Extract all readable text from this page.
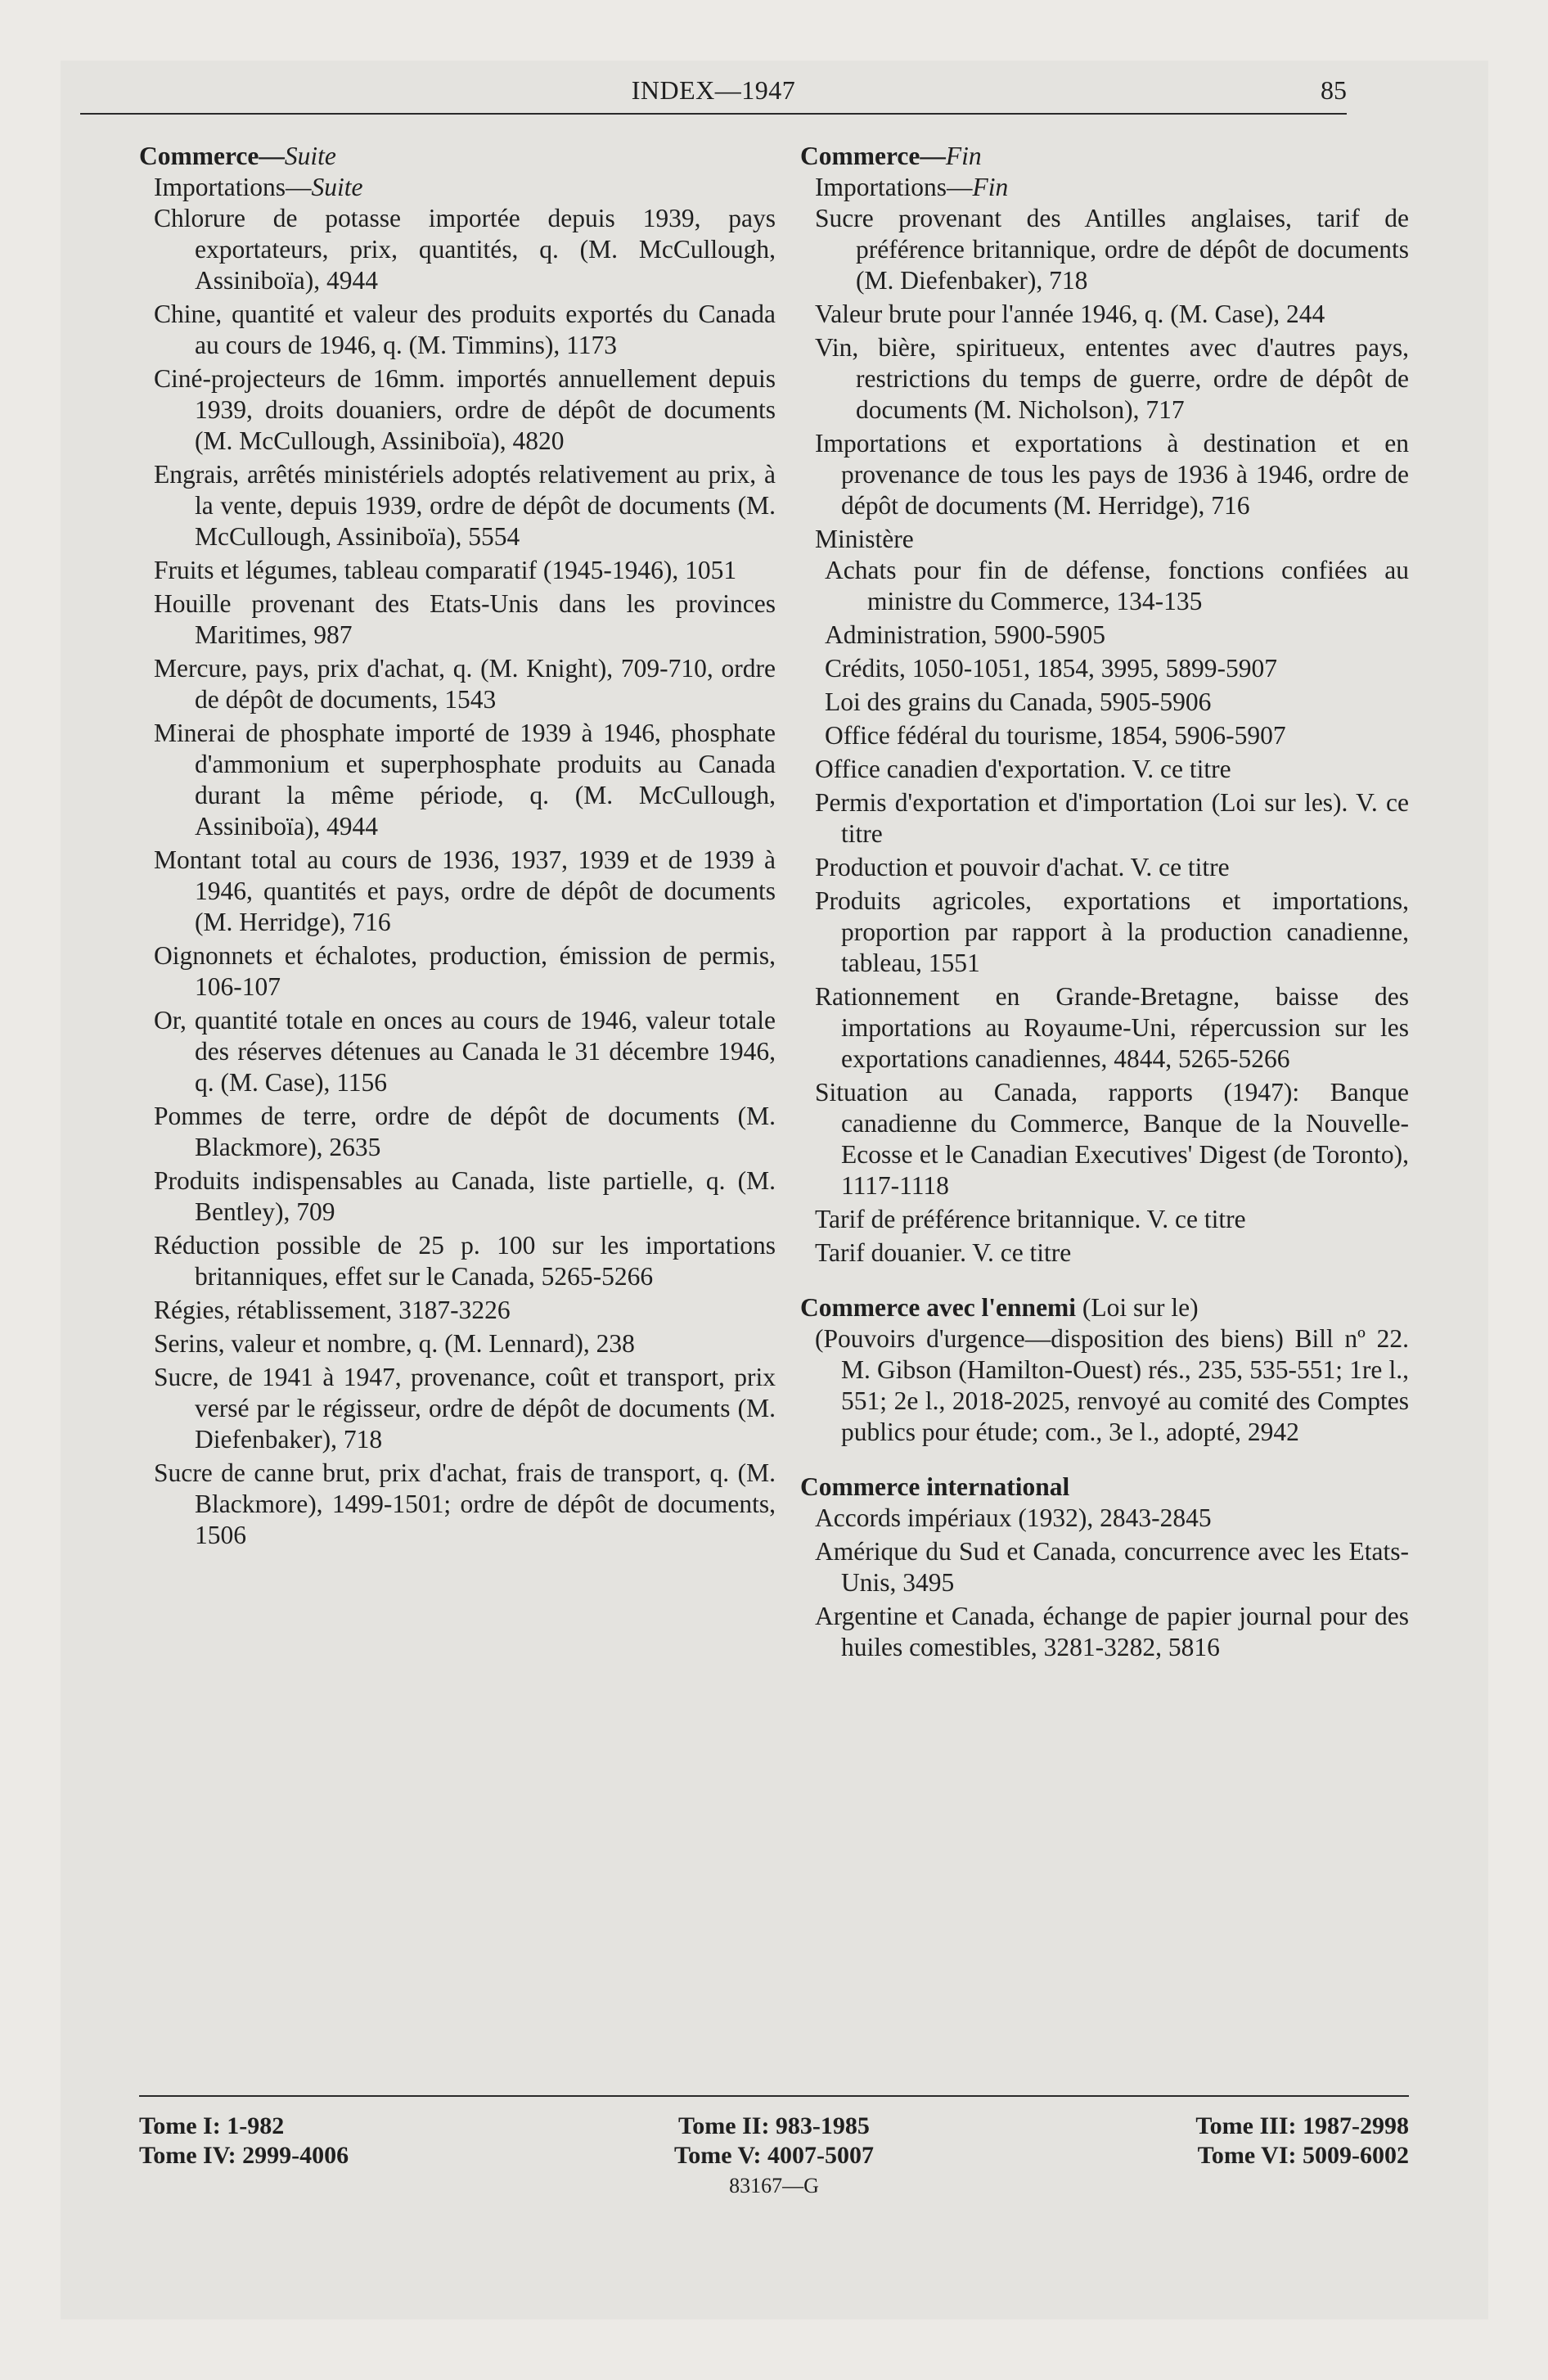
INDEX—1947	85
Commerce—Suite
Importations—Suite
Chlorure de potasse importée depuis 1939, pays exportateurs, prix, quantités, q. (M. McCullough, Assiniboïa), 4944
Chine, quantité et valeur des produits exportés du Canada au cours de 1946, q. (M. Timmins), 1173
Ciné-projecteurs de 16mm. importés annuellement depuis 1939, droits douaniers, ordre de dépôt de documents (M. McCullough, Assiniboïa), 4820
Engrais, arrêtés ministériels adoptés relativement au prix, à la vente, depuis 1939, ordre de dépôt de documents (M. McCullough, Assiniboïa), 5554
Fruits et légumes, tableau comparatif (1945-1946), 1051
Houille provenant des Etats-Unis dans les provinces Maritimes, 987
Mercure, pays, prix d'achat, q. (M. Knight), 709-710, ordre de dépôt de documents, 1543
Minerai de phosphate importé de 1939 à 1946, phosphate d'ammonium et superphosphate produits au Canada durant la même période, q. (M. McCullough, Assiniboïa), 4944
Montant total au cours de 1936, 1937, 1939 et de 1939 à 1946, quantités et pays, ordre de dépôt de documents (M. Herridge), 716
Oignonnets et échalotes, production, émission de permis, 106-107
Or, quantité totale en onces au cours de 1946, valeur totale des réserves détenues au Canada le 31 décembre 1946, q. (M. Case), 1156
Pommes de terre, ordre de dépôt de documents (M. Blackmore), 2635
Produits indispensables au Canada, liste partielle, q. (M. Bentley), 709
Réduction possible de 25 p. 100 sur les importations britanniques, effet sur le Canada, 5265-5266
Régies, rétablissement, 3187-3226
Serins, valeur et nombre, q. (M. Lennard), 238
Sucre, de 1941 à 1947, provenance, coût et transport, prix versé par le régisseur, ordre de dépôt de documents (M. Diefenbaker), 718
Sucre de canne brut, prix d'achat, frais de transport, q. (M. Blackmore), 1499-1501; ordre de dépôt de documents, 1506
Commerce—Fin
Importations—Fin
Sucre provenant des Antilles anglaises, tarif de préférence britannique, ordre de dépôt de documents (M. Diefenbaker), 718
Valeur brute pour l'année 1946, q. (M. Case), 244
Vin, bière, spiritueux, ententes avec d'autres pays, restrictions du temps de guerre, ordre de dépôt de documents (M. Nicholson), 717
Importations et exportations à destination et en provenance de tous les pays de 1936 à 1946, ordre de dépôt de documents (M. Herridge), 716
Ministère
Achats pour fin de défense, fonctions confiées au ministre du Commerce, 134-135
Administration, 5900-5905
Crédits, 1050-1051, 1854, 3995, 5899-5907
Loi des grains du Canada, 5905-5906
Office fédéral du tourisme, 1854, 5906-5907
Office canadien d'exportation. V. ce titre
Permis d'exportation et d'importation (Loi sur les). V. ce titre
Production et pouvoir d'achat. V. ce titre
Produits agricoles, exportations et importations, proportion par rapport à la production canadienne, tableau, 1551
Rationnement en Grande-Bretagne, baisse des importations au Royaume-Uni, répercussion sur les exportations canadiennes, 4844, 5265-5266
Situation au Canada, rapports (1947): Banque canadienne du Commerce, Banque de la Nouvelle-Ecosse et le Canadian Executives' Digest (de Toronto), 1117-1118
Tarif de préférence britannique. V. ce titre
Tarif douanier. V. ce titre
Commerce avec l'ennemi (Loi sur le)
(Pouvoirs d'urgence—disposition des biens) Bill nº 22. M. Gibson (Hamilton-Ouest) rés., 235, 535-551; 1re l., 551; 2e l., 2018-2025, renvoyé au comité des Comptes publics pour étude; com., 3e l., adopté, 2942
Commerce international
Accords impériaux (1932), 2843-2845
Amérique du Sud et Canada, concurrence avec les Etats-Unis, 3495
Argentine et Canada, échange de papier journal pour des huiles comestibles, 3281-3282, 5816
Tome I: 1-982	Tome II: 983-1985	Tome III: 1987-2998
Tome IV: 2999-4006	Tome V: 4007-5007	Tome VI: 5009-6002
83167—G
